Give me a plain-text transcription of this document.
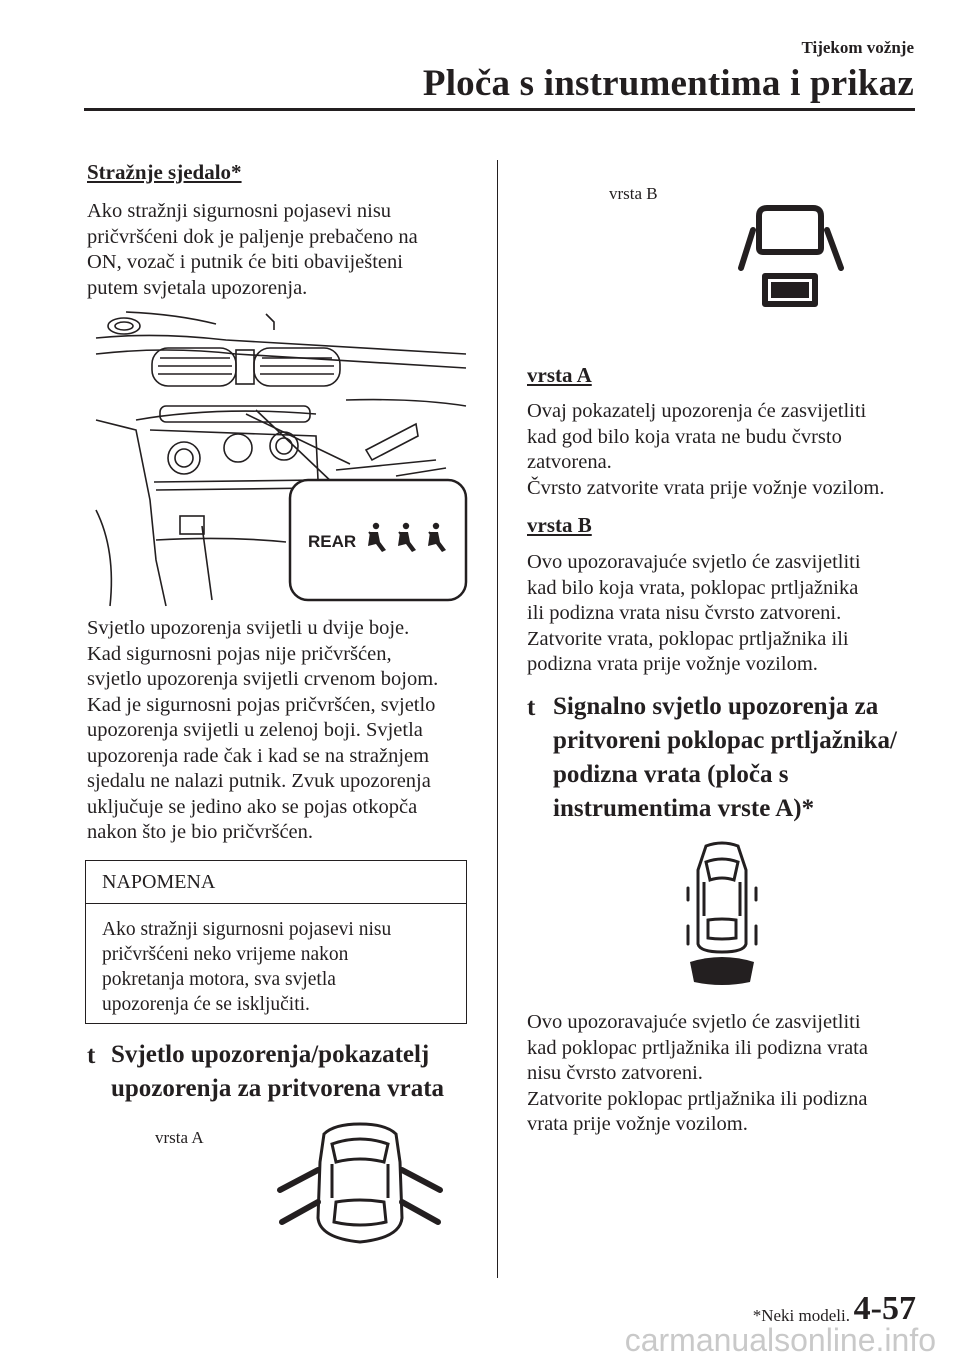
Tijekom vožnje
Ploča s instrumentima i prikaz
Stražnje sjedalo*
Ako stražnji sigurnosni pojasevi nisu
pričvršćeni dok je paljenje prebačeno na
ON, vozač i putnik će biti obaviješteni
putem svjetala upozorenja.
REAR
Svjetlo upozorenja svijetli u dvije boje.
Kad sigurnosni pojas nije pričvršćen,
svjetlo upozorenja svijetli crvenom bojom.
Kad je sigurnosni pojas pričvršćen, svjetlo
upozorenja svijetli u zelenoj boji. Svjetla
upozorenja rade čak i kad se na stražnjem
sjedalu ne nalazi putnik. Zvuk upozorenja
uključuje se jedino ako se pojas otkopča
nakon što je bio pričvršćen.
NAPOMENA
Ako stražnji sigurnosni pojasevi nisu
pričvršćeni neko vrijeme nakon
pokretanja motora, sva svjetla
upozorenja će se isključiti.
t Svjetlo upozorenja/pokazatelj
upozorenja za pritvorena vrata
vrsta A
vrsta B
vrsta A
Ovaj pokazatelj upozorenja će zasvijetliti
kad god bilo koja vrata ne budu čvrsto
zatvorena.
Čvrsto zatvorite vrata prije vožnje vozilom.
vrsta B
Ovo upozoravajuće svjetlo će zasvijetliti
kad bilo koja vrata, poklopac prtljažnika
ili podizna vrata nisu čvrsto zatvoreni.
Zatvorite vrata, poklopac prtljažnika ili
podizna vrata prije vožnje vozilom.
t Signalno svjetlo upozorenja za
pritvoreni poklopac prtljažnika/
podizna vrata (ploča s
instrumentima vrste A)*
Ovo upozoravajuće svjetlo će zasvijetliti
kad poklopac prtljažnika ili podizna vrata
nisu čvrsto zatvoreni.
Zatvorite poklopac prtljažnika ili podizna
vrata prije vožnje vozilom.
*Neki modeli. 4-57
carmanualsonline.info
